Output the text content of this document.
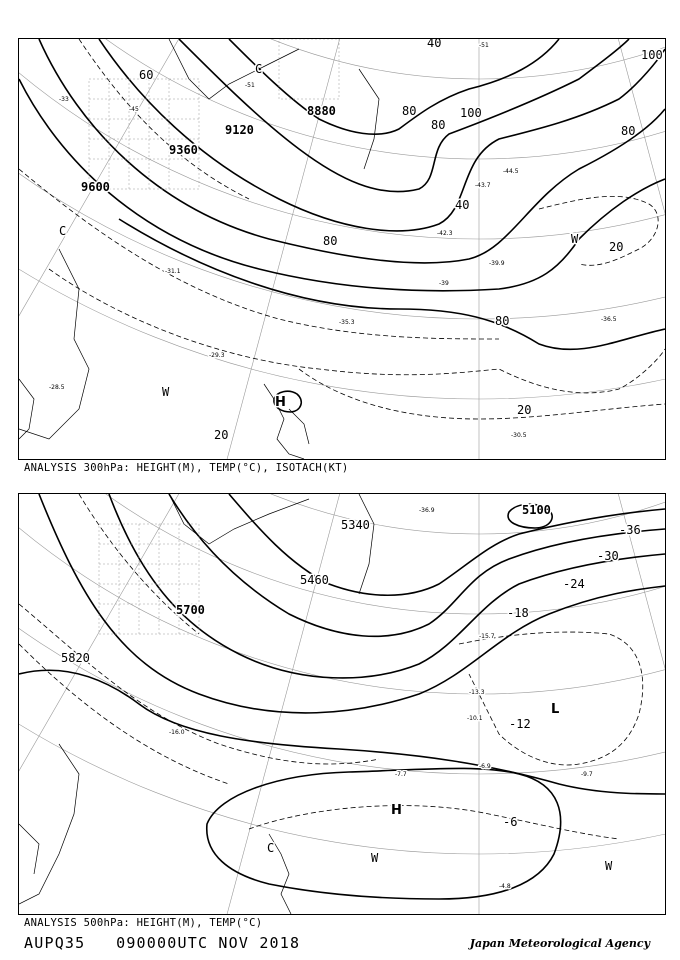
9600
9360
9120
8880
40
80
80	80
80
100
100
60
20
20
40
80	20
-33
-39
-45
-51
-30.5
-36.5
-39.9
-44.5
-43.7
-51
-42.3
-35.3
-31.1
-29.3
-28.5
H
W
W
C
C
ANALYSIS 300hPa: HEIGHT(M), TEMP(°C), ISOTACH(KT)
5100
5340
5460
5700
5820
-36
-30
-24
-18
-12
-6
-9.7
-7.7
-6.9
-4.8
-36.9
-13.3
-10.1
-15.7
-16.0
L
H
W
W
C
ANALYSIS 500hPa: HEIGHT(M), TEMP(°C)
AUPQ35 090000UTC NOV 2018	Japan Meteorological Agency
